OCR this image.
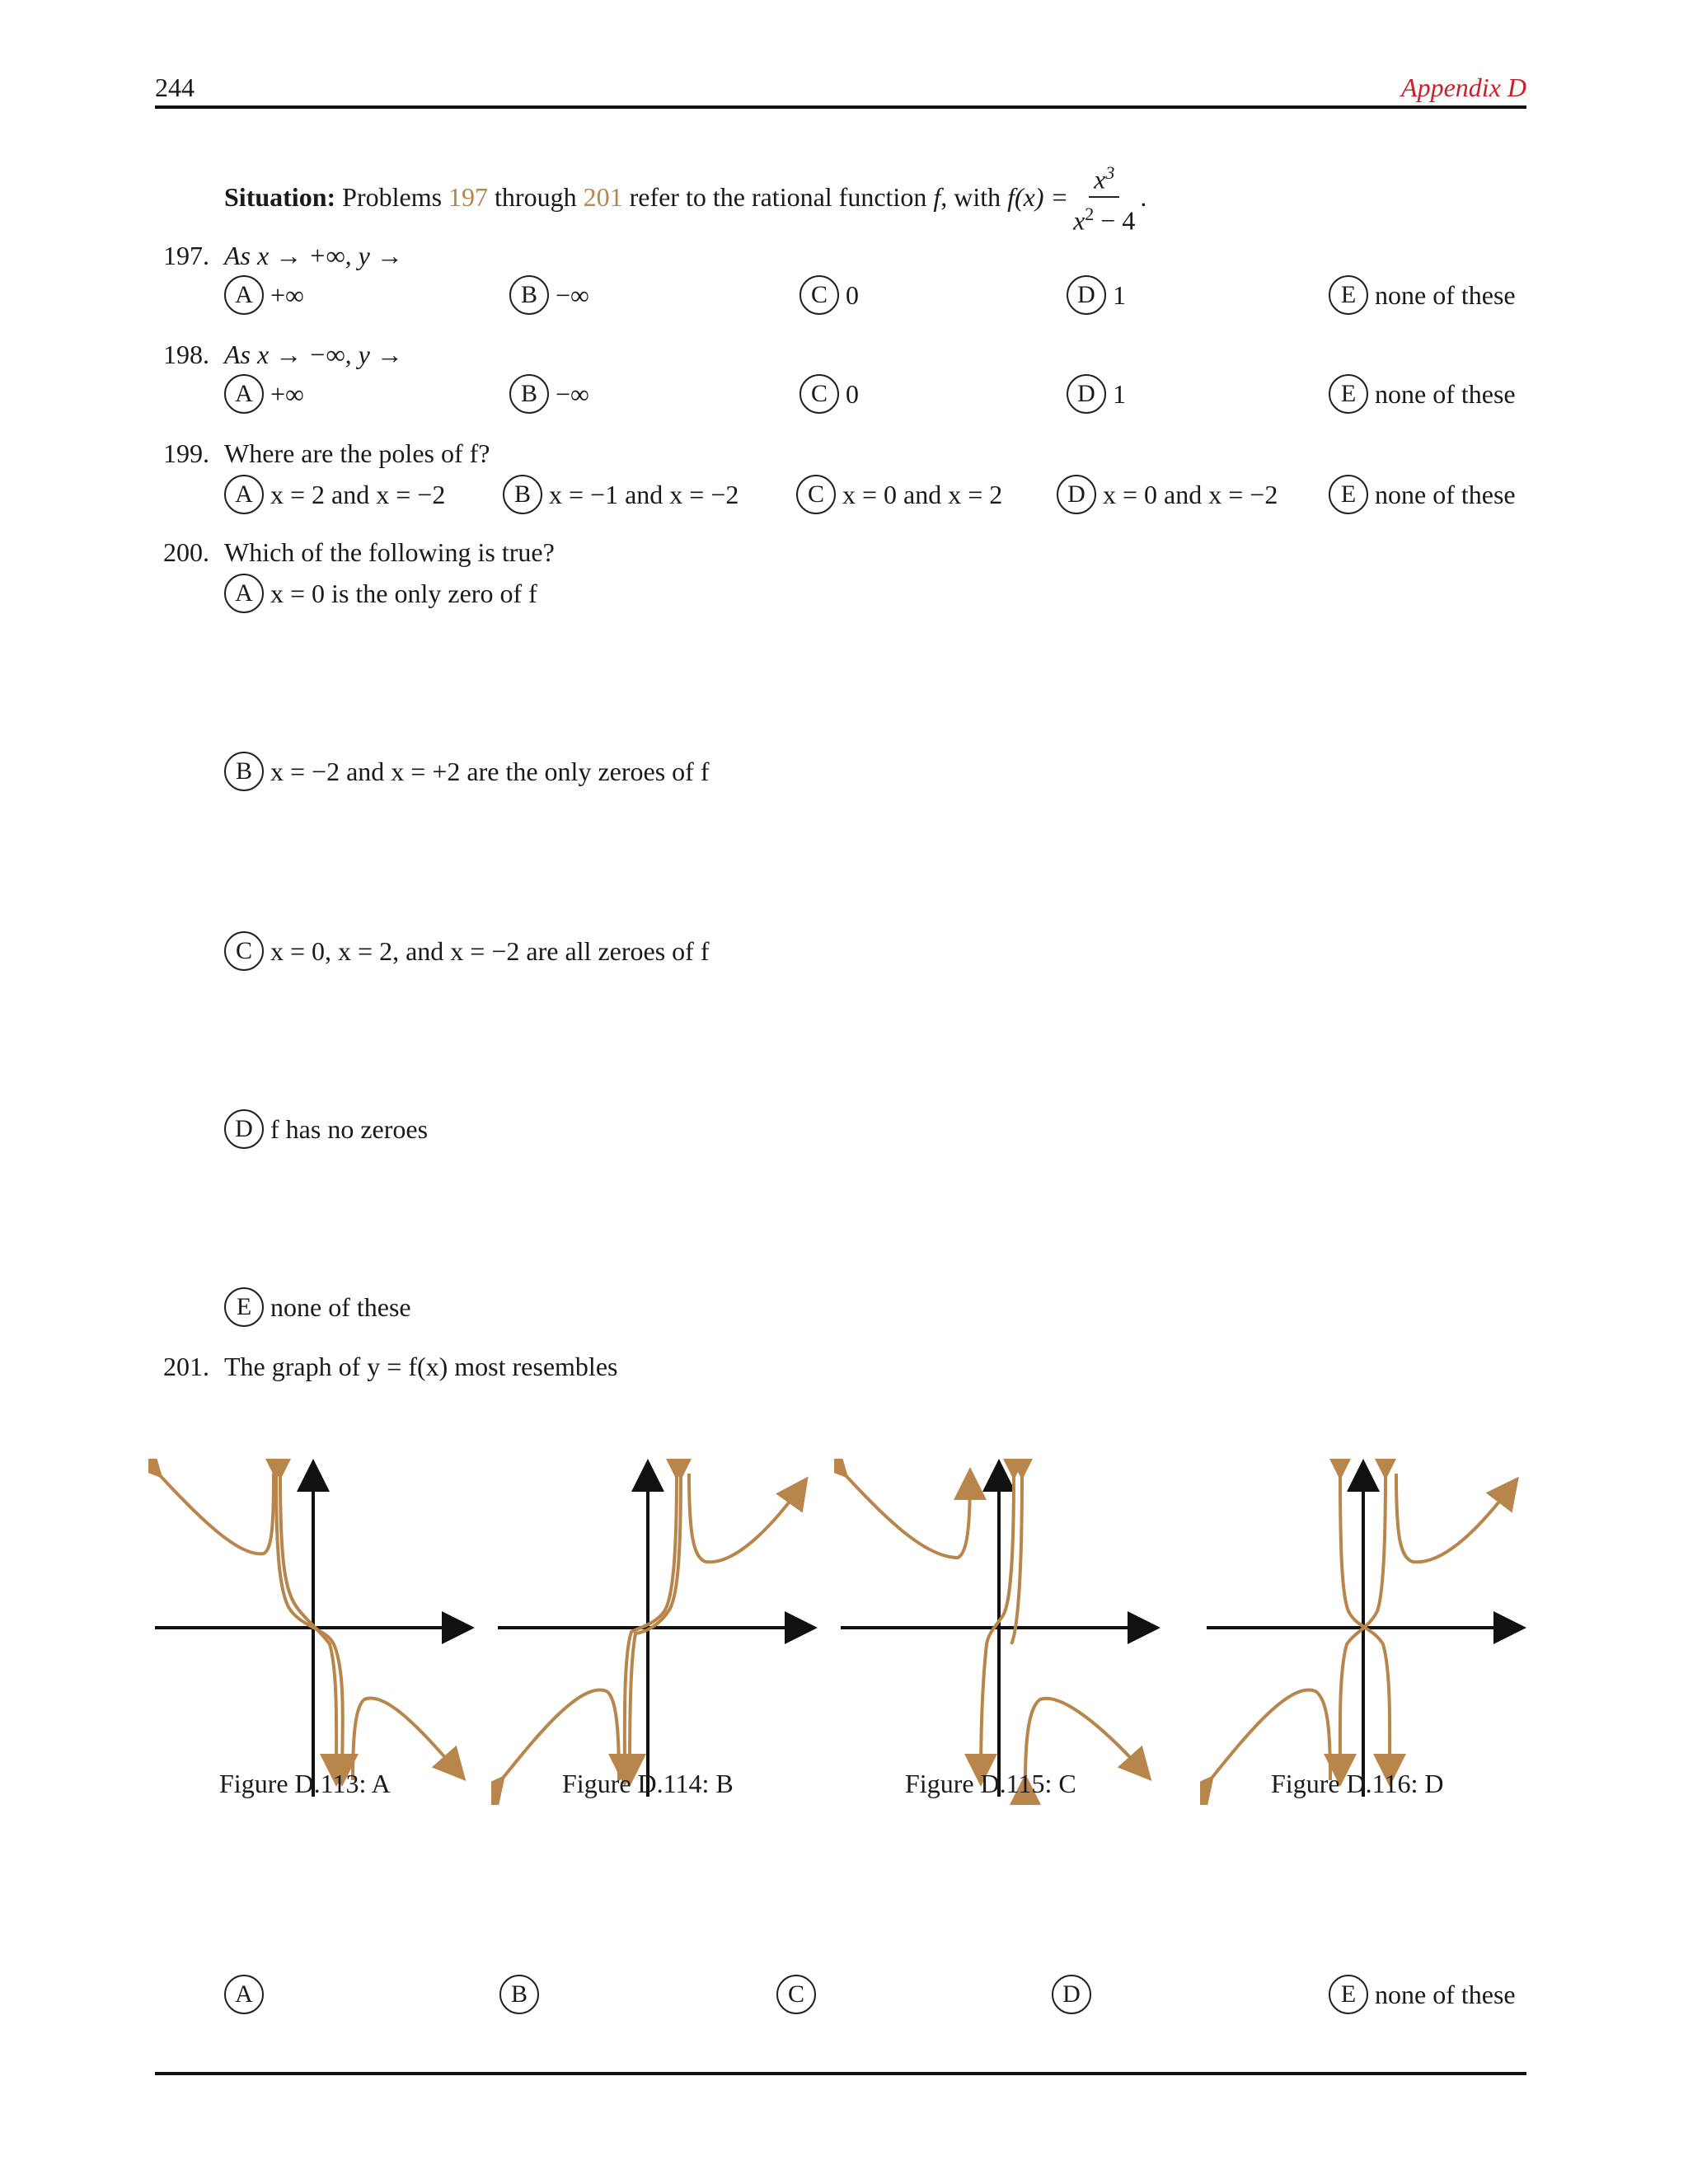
244	Appendix D
Situation:
Problems
197
through
201
refer to the rational function
f , with
$f(x) = \frac{x^3}{x^2 - 4}$ .
197. As x → +∞, y →
A +∞	B −∞	C 0	D 1	E none of these
198. As x → −∞, y →
A +∞	B −∞	C 0	D 1	E none of these
199. Where are the poles of f?
A x = 2 and x = −2	B x = −1 and x = −2	C x = 0 and x = 2	D x = 0 and x = −2	E none of these
200. Which of the following is true?
A x = 0 is the only zero of f
B x = −2 and x = +2 are the only zeroes of f
C x = 0, x = 2, and x = −2 are all zeroes of f
D f has no zeroes
E none of these
201. The graph of y = f(x) most resembles
Figure D.113: A	Figure D.114: B	Figure D.115: C	Figure D.116: D
A	B	C	D	E none of these
